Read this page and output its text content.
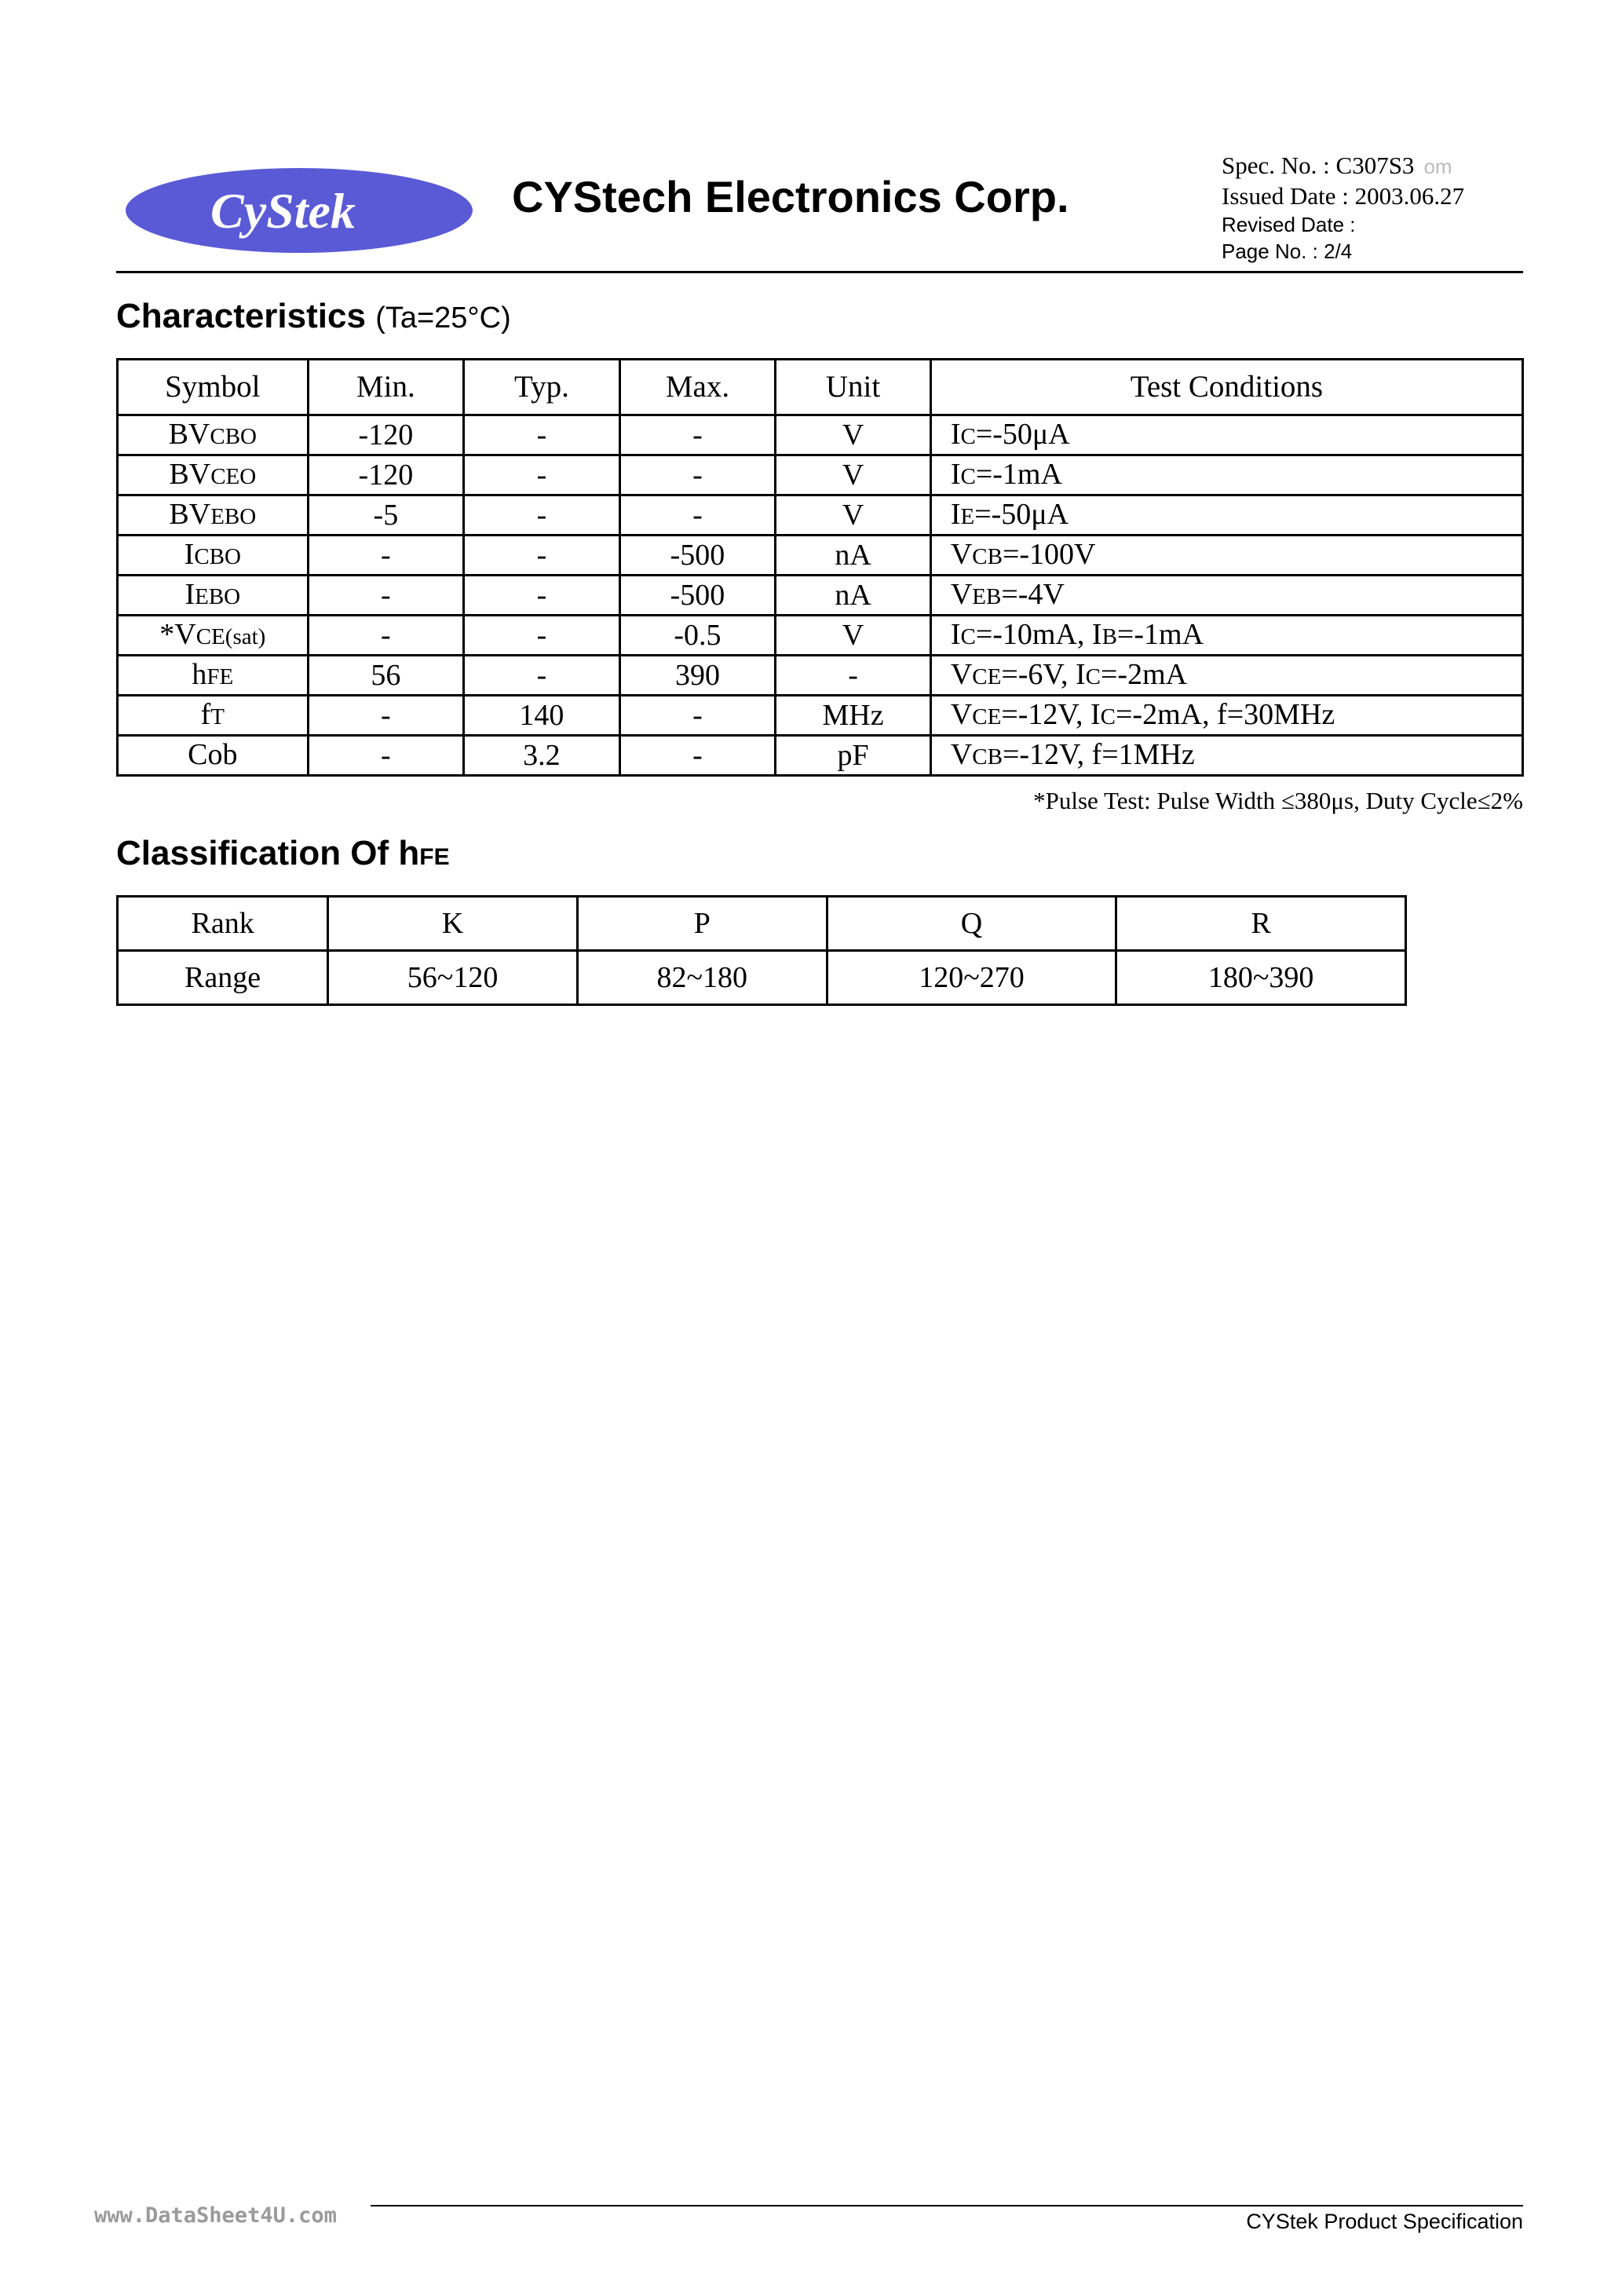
CyStek	CYStech Electronics Corp.
Spec. No. : C307S3 om
Issued Date : 2003.06.27
Revised Date :
Page No. : 2/4
Characteristics (Ta=25°C)
Symbol	Min.	Typ.	Max.	Unit	Test Conditions
BVCBO	-120	-	-	V	IC=-50μA
BVCEO	-120	-	-	V	IC=-1mA
BVEBO	-5	-	-	V	IE=-50μA
ICBO	-	-	-500	nA	VCB=-100V
IEBO	-	-	-500	nA	VEB=-4V
*VCE(sat)	-	-	-0.5	V	IC=-10mA, IB=-1mA
hFE	56	-	390	-	VCE=-6V, IC=-2mA
fT	-	140	-	MHz	VCE=-12V, IC=-2mA, f=30MHz
Cob	-	3.2	-	pF	VCB=-12V, f=1MHz
*Pulse Test: Pulse Width ≤380μs, Duty Cycle≤2%
Classification Of hFE
Rank	K	P	Q	R
Range	56~120	82~180	120~270	180~390
www.DataSheet4U.com	CYStek Product Specification
